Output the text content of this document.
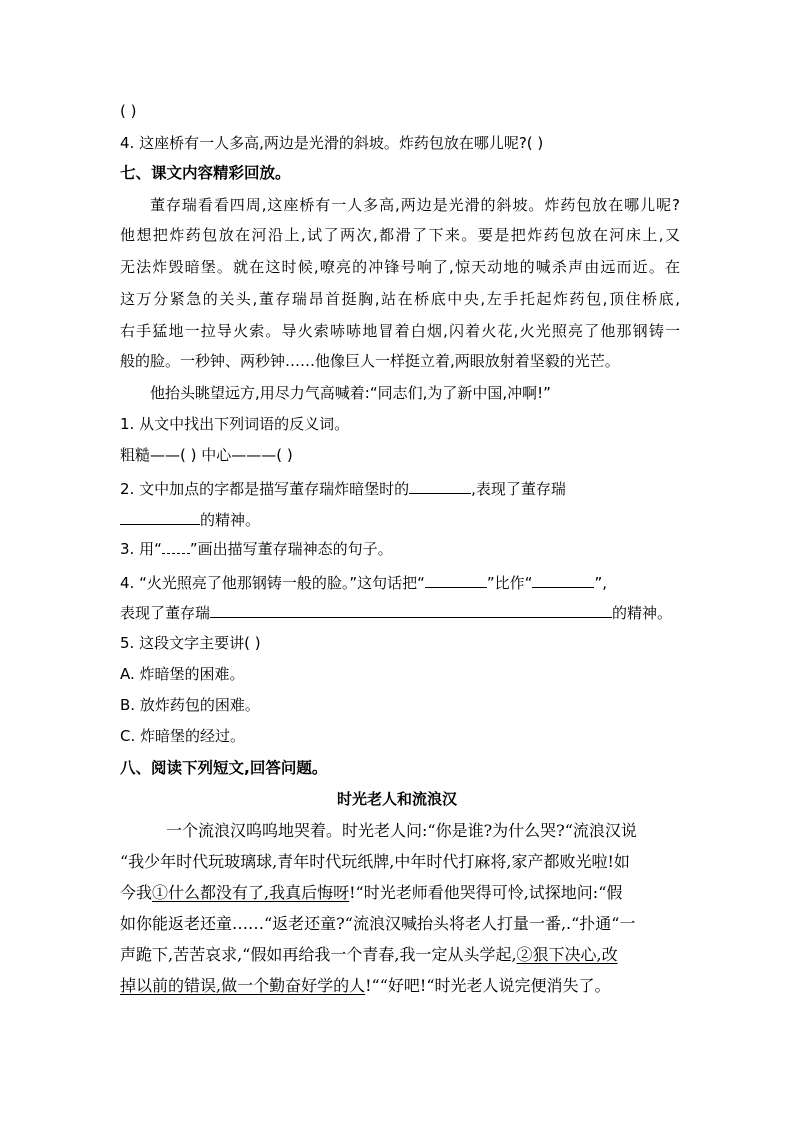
( )
4. 这座桥有一人多高,两边是光滑的斜坡。炸药包放在哪儿呢?( )
七、课文内容精彩回放。
董存瑞看看四周,这座桥有一人多高,两边是光滑的斜坡。炸药包放在哪儿呢?
他想把炸药包放在河沿上,试了两次,都滑了下来。要是把炸药包放在河床上,又
无法炸毁暗堡。就在这时候,嘹亮的冲锋号响了,惊天动地的喊杀声由远而近。在
这万分紧急的关头,董存瑞昂首挺胸,站在桥底中央,左手托起炸药包,顶住桥底,
右手猛地一拉导火索。导火索哧哧地冒着白烟,闪着火花,火光照亮了他那钢铸一
般的脸。一秒钟、两秒钟……他像巨人一样挺立着,两眼放射着坚毅的光芒。
他抬头眺望远方,用尽力气高喊着:“同志们,为了新中国,冲啊!”
1. 从文中找出下列词语的反义词。
粗糙——( ) 中心———( )
2. 文中加点的字都是描写董存瑞炸暗堡时的	,表现了董存瑞
的精神。
3. 用“ ”画出描写董存瑞神态的句子。
4. “火光照亮了他那钢铸一般的脸。”这句话把“	”比作“	”,
表现了董存瑞	的精神。
5. 这段文字主要讲( )
A. 炸暗堡的困难。
B. 放炸药包的困难。
C. 炸暗堡的经过。
八、阅读下列短文,回答问题。
时光老人和流浪汉
一个流浪汉呜呜地哭着。时光老人问:“你是谁?为什么哭?“流浪汉说
“我少年时代玩玻璃球,青年时代玩纸牌,中年时代打麻将,家产都败光啦!如
今我①什么都没有了,我真后悔呀!“时光老师看他哭得可怜,试探地问:“假
如你能返老还童……“返老还童?“流浪汉喊抬头将老人打量一番,.“扑通“一
声跪下,苦苦哀求,“假如再给我一个青春,我一定从头学起,②狠下决心,改
掉以前的错误,做一个勤奋好学的人!““好吧!“时光老人说完便消失了。
